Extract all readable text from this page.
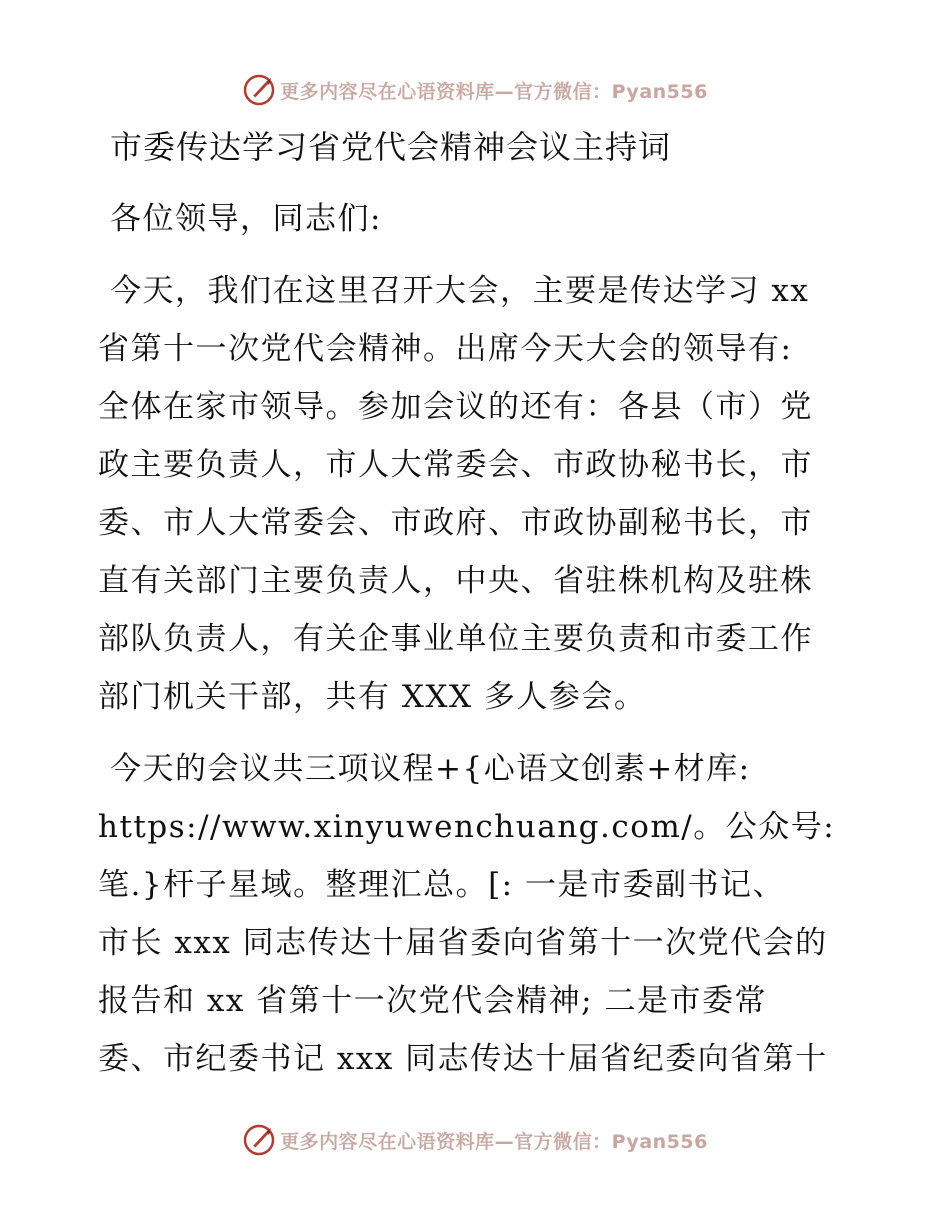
更多内容尽在心语资料库—官方微信：Pyan556
市委传达学习省党代会精神会议主持词

各位领导，同志们:

今天，我们在这里召开大会，主要是传达学习 xx
省第十一次党代会精神。出席今天大会的领导有:
全体在家市领导。参加会议的还有：各县（市）党
政主要负责人，市人大常委会、市政协秘书长，市
委、市人大常委会、市政府、市政协副秘书长，市
直有关部门主要负责人，中央、省驻株机构及驻株
部队负责人，有关企事业单位主要负责和市委工作
部门机关干部，共有 XXX 多人参会。

今天的会议共三项议程+{心语文创素+材库:
https://www.xinyuwenchuang.com/。公众号:
笔.}杆子星域。整理汇总。[: 一是市委副书记、
市长 xxx 同志传达十届省委向省第十一次党代会的
报告和 xx 省第十一次党代会精神; 二是市委常
委、市纪委书记 xxx 同志传达十届省纪委向省第十

更多内容尽在心语资料库—官方微信：Pyan556
